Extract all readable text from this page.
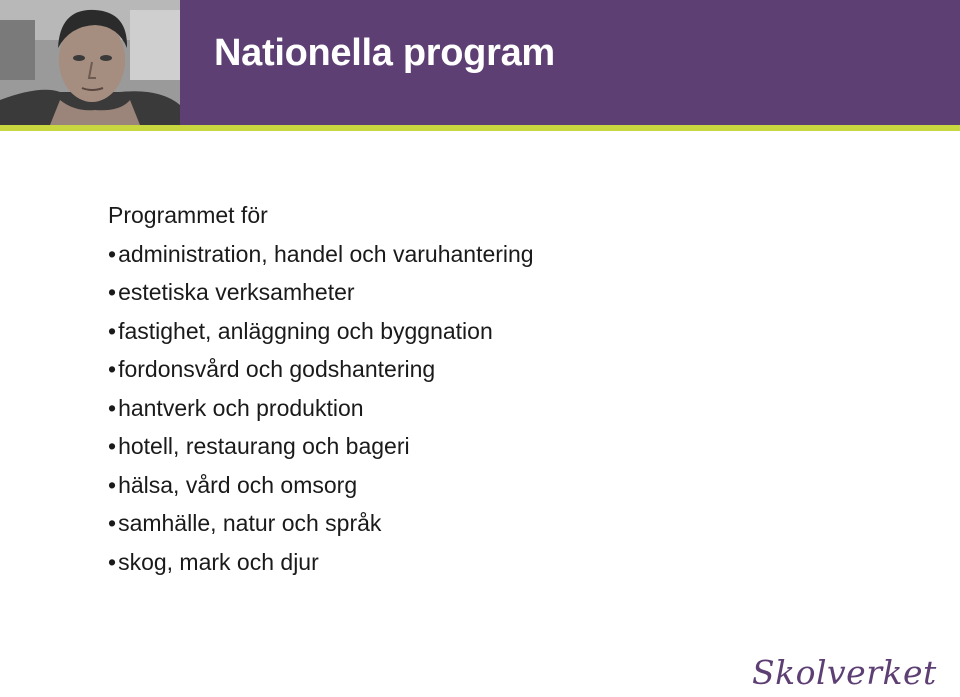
Nationella program
Programmet för
•administration, handel och varuhantering
•estetiska verksamheter
•fastighet, anläggning och byggnation
•fordonsvård och godshantering
•hantverk och produktion
•hotell, restaurang och bageri
•hälsa, vård och omsorg
•samhälle, natur och språk
•skog, mark och djur
Skolverket
